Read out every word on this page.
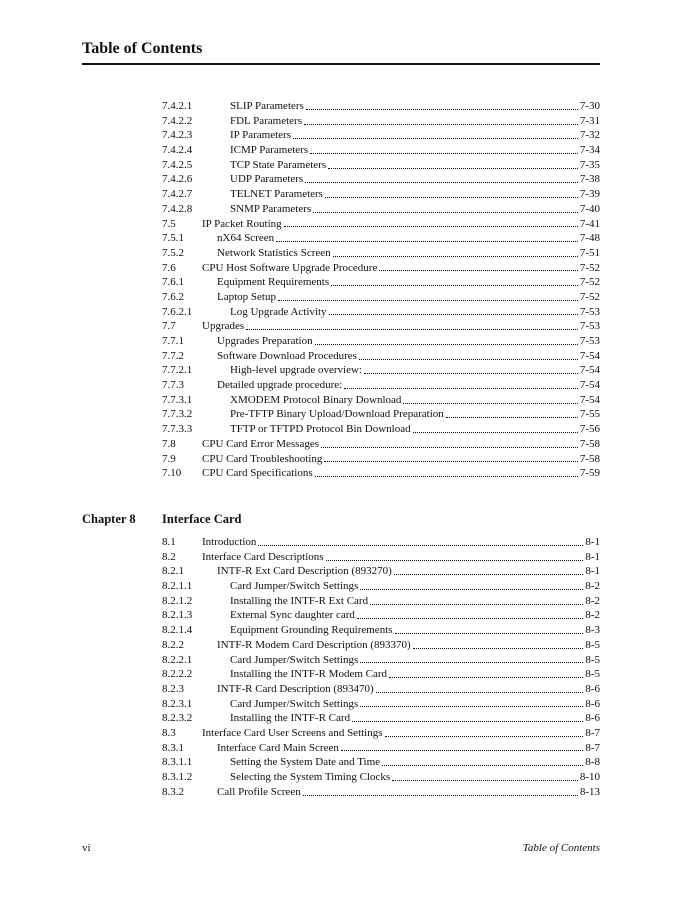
Table of Contents
7.4.2.1	SLIP Parameters	7-30
7.4.2.2	FDL Parameters	7-31
7.4.2.3	IP Parameters	7-32
7.4.2.4	ICMP Parameters	7-34
7.4.2.5	TCP State Parameters	7-35
7.4.2.6	UDP Parameters	7-38
7.4.2.7	TELNET Parameters	7-39
7.4.2.8	SNMP Parameters	7-40
7.5	IP Packet Routing	7-41
7.5.1	nX64 Screen	7-48
7.5.2	Network Statistics Screen	7-51
7.6	CPU Host Software Upgrade Procedure	7-52
7.6.1	Equipment Requirements	7-52
7.6.2	Laptop Setup	7-52
7.6.2.1	Log Upgrade Activity	7-53
7.7	Upgrades	7-53
7.7.1	Upgrades Preparation	7-53
7.7.2	Software Download Procedures	7-54
7.7.2.1	High-level upgrade overview:	7-54
7.7.3	Detailed upgrade procedure:	7-54
7.7.3.1	XMODEM Protocol Binary Download	7-54
7.7.3.2	Pre-TFTP Binary Upload/Download Preparation	7-55
7.7.3.3	TFTP or TFTPD Protocol Bin Download	7-56
7.8	CPU Card Error Messages	7-58
7.9	CPU Card Troubleshooting	7-58
7.10	CPU Card Specifications	7-59
Chapter 8	Interface Card
8.1	Introduction	8-1
8.2	Interface Card Descriptions	8-1
8.2.1	INTF-R Ext Card Description (893270)	8-1
8.2.1.1	Card Jumper/Switch Settings	8-2
8.2.1.2	Installing the INTF-R Ext Card	8-2
8.2.1.3	External Sync daughter card	8-2
8.2.1.4	Equipment Grounding Requirements	8-3
8.2.2	INTF-R Modem Card Description (893370)	8-5
8.2.2.1	Card Jumper/Switch Settings	8-5
8.2.2.2	Installing the INTF-R Modem Card	8-5
8.2.3	INTF-R Card Description (893470)	8-6
8.2.3.1	Card Jumper/Switch Settings	8-6
8.2.3.2	Installing the INTF-R Card	8-6
8.3	Interface Card User Screens and Settings	8-7
8.3.1	Interface Card Main Screen	8-7
8.3.1.1	Setting the System Date and Time	8-8
8.3.1.2	Selecting the System Timing Clocks	8-10
8.3.2	Call Profile Screen	8-13
vi	Table of Contents
